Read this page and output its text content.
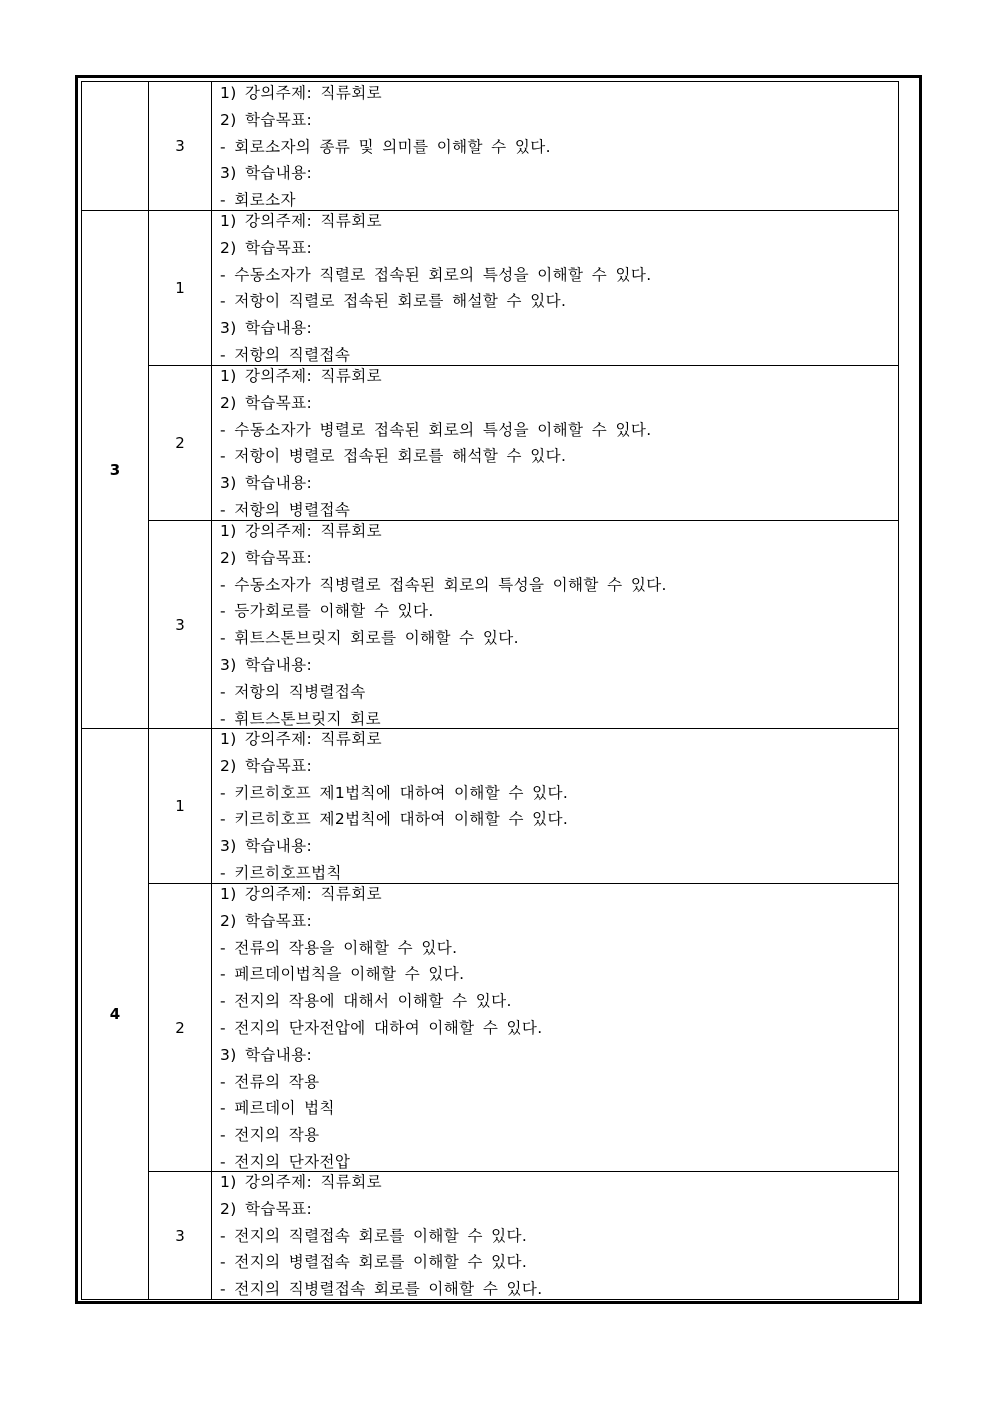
3
4
3
1
2
3
1
2
3
1) 강의주제: 직류회로
2) 학습목표:
- 회로소자의 종류 및 의미를 이해할 수 있다.
3) 학습내용:
- 회로소자
1) 강의주제: 직류회로
2) 학습목표:
- 수동소자가 직렬로 접속된 회로의 특성을 이해할 수 있다.
- 저항이 직렬로 접속된 회로를 해설할 수 있다.
3) 학습내용:
- 저항의 직렬접속
1) 강의주제: 직류회로
2) 학습목표:
- 수동소자가 병렬로 접속된 회로의 특성을 이해할 수 있다.
- 저항이 병렬로 접속된 회로를 해석할 수 있다.
3) 학습내용:
- 저항의 병렬접속
1) 강의주제: 직류회로
2) 학습목표:
- 수동소자가 직병렬로 접속된 회로의 특성을 이해할 수 있다.
- 등가회로를 이해할 수 있다.
- 휘트스톤브릿지 회로를 이해할 수 있다.
3) 학습내용:
- 저항의 직병렬접속
- 휘트스톤브릿지 회로
1) 강의주제: 직류회로
2) 학습목표:
- 키르히호프 제1법칙에 대하여 이해할 수 있다.
- 키르히호프 제2법칙에 대하여 이해할 수 있다.
3) 학습내용:
- 키르히호프법칙
1) 강의주제: 직류회로
2) 학습목표:
- 전류의 작용을 이해할 수 있다.
- 페르데이법칙을 이해할 수 있다.
- 전지의 작용에 대해서 이해할 수 있다.
- 전지의 단자전압에 대하여 이해할 수 있다.
3) 학습내용:
- 전류의 작용
- 페르데이 법칙
- 전지의 작용
- 전지의 단자전압
1) 강의주제: 직류회로
2) 학습목표:
- 전지의 직렬접속 회로를 이해할 수 있다.
- 전지의 병렬접속 회로를 이해할 수 있다.
- 전지의 직병렬접속 회로를 이해할 수 있다.
